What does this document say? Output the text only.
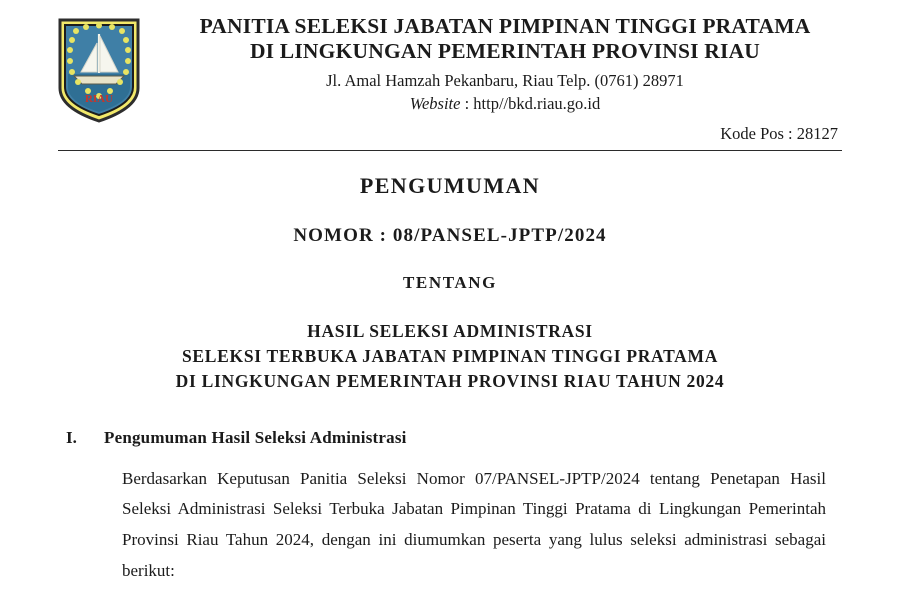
RIAU
PANITIA SELEKSI JABATAN PIMPINAN TINGGI PRATAMA
DI LINGKUNGAN PEMERINTAH PROVINSI RIAU
Jl. Amal Hamzah Pekanbaru, Riau Telp. (0761) 28971
Website : http//bkd.riau.go.id
Kode Pos : 28127
PENGUMUMAN
NOMOR : 08/PANSEL-JPTP/2024
TENTANG
HASIL SELEKSI ADMINISTRASI
SELEKSI TERBUKA JABATAN PIMPINAN TINGGI PRATAMA
DI LINGKUNGAN PEMERINTAH PROVINSI RIAU TAHUN 2024
I.	Pengumuman Hasil Seleksi Administrasi
Berdasarkan Keputusan Panitia Seleksi Nomor 07/PANSEL-JPTP/2024 tentang Penetapan Hasil Seleksi Administrasi Seleksi Terbuka Jabatan Pimpinan Tinggi Pratama di Lingkungan Pemerintah Provinsi Riau Tahun 2024, dengan ini diumumkan peserta yang lulus seleksi administrasi sebagai berikut:
